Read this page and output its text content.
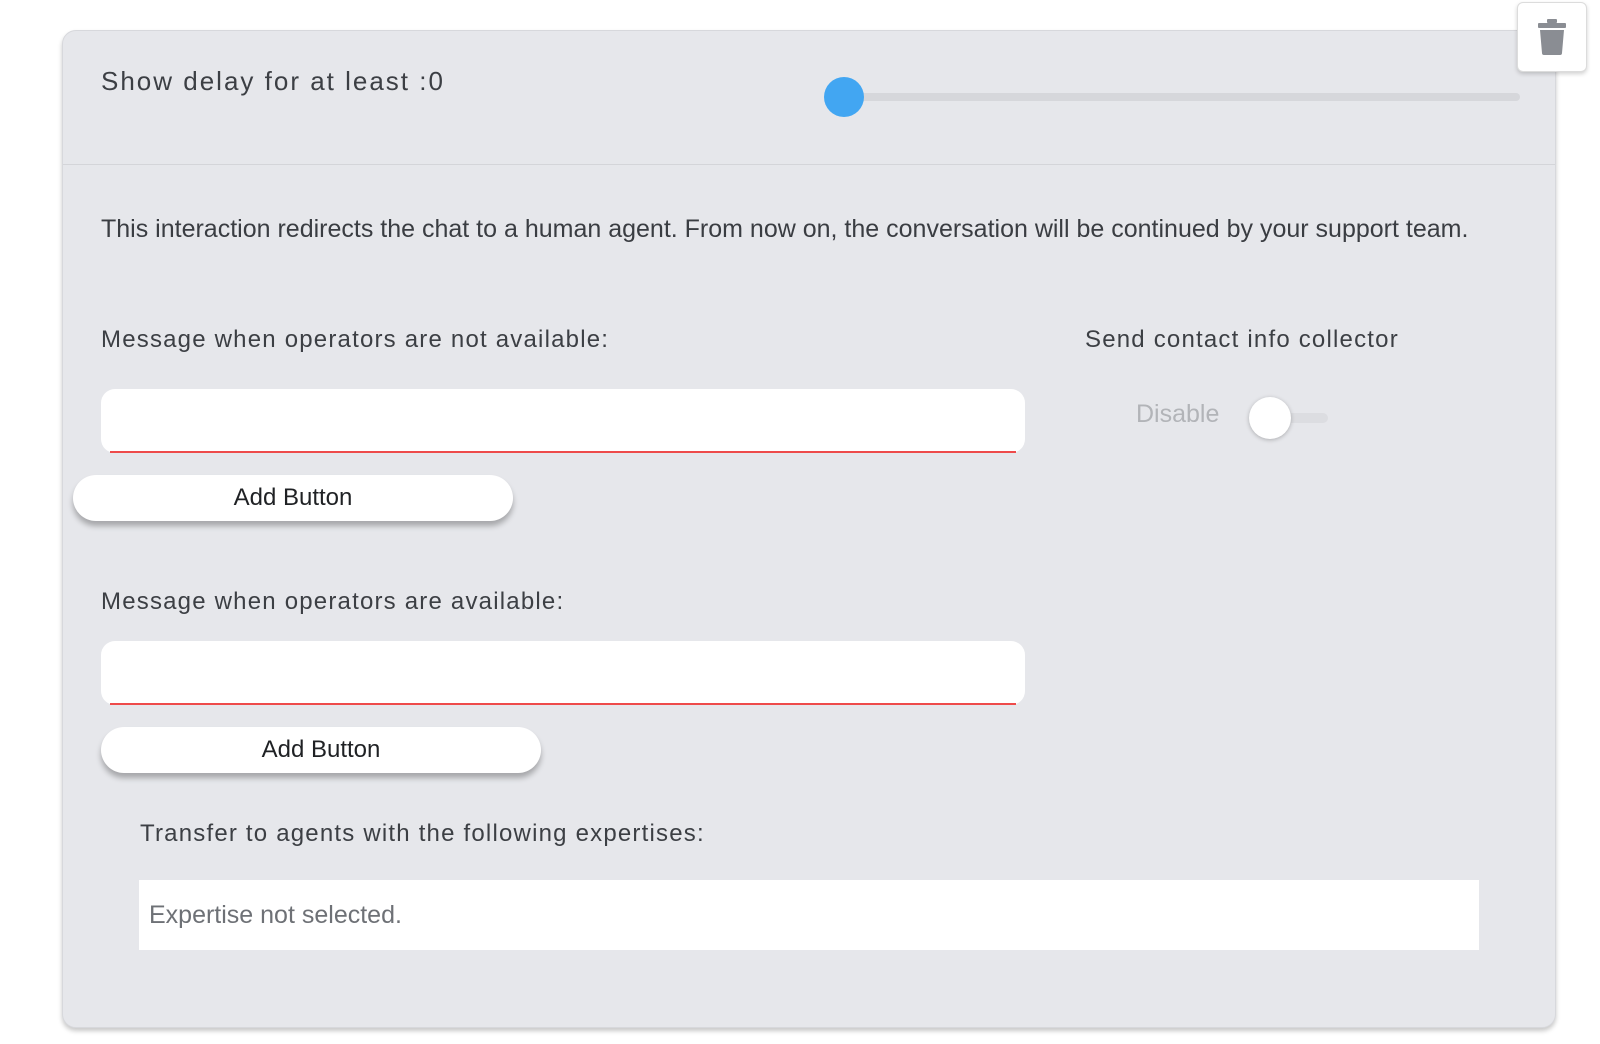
Show delay for at least :0
This interaction redirects the chat to a human agent. From now on, the conversation will be continued by your support team.
Message when operators are not available:
Add Button
Message when operators are available:
Add Button
Send contact info collector
Disable
Transfer to agents with the following expertises:
Expertise not selected.
